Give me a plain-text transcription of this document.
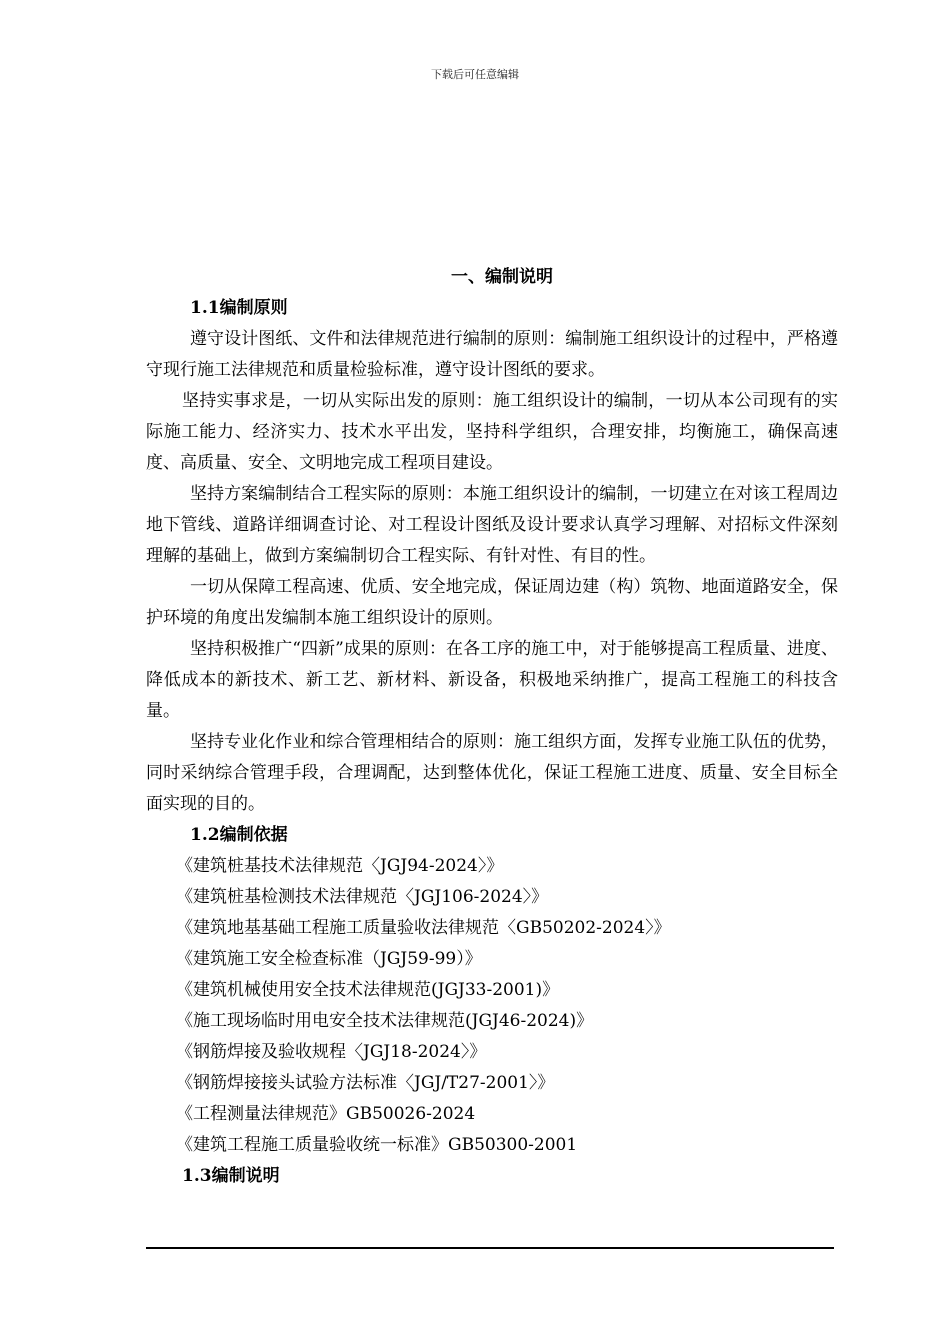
下载后可任意编辑
一、编制说明
1.1编制原则

遵守设计图纸、文件和法律规范进行编制的原则：编制施工组织设计的过程中，严格遵守现行施工法律规范和质量检验标准，遵守设计图纸的要求。

坚持实事求是，一切从实际出发的原则：施工组织设计的编制，一切从本公司现有的实际施工能力、经济实力、技术水平出发，坚持科学组织，合理安排，均衡施工，确保高速度、高质量、安全、文明地完成工程项目建设。

坚持方案编制结合工程实际的原则：本施工组织设计的编制，一切建立在对该工程周边地下管线、道路详细调查讨论、对工程设计图纸及设计要求认真学习理解、对招标文件深刻理解的基础上，做到方案编制切合工程实际、有针对性、有目的性。

一切从保障工程高速、优质、安全地完成，保证周边建（构）筑物、地面道路安全，保护环境的角度出发编制本施工组织设计的原则。

坚持积极推广“四新”成果的原则：在各工序的施工中，对于能够提高工程质量、进度、降低成本的新技术、新工艺、新材料、新设备，积极地采纳推广，提高工程施工的科技含量。

坚持专业化作业和综合管理相结合的原则：施工组织方面，发挥专业施工队伍的优势，同时采纳综合管理手段，合理调配，达到整体优化，保证工程施工进度、质量、安全目标全面实现的目的。

1.2编制依据
《建筑桩基技术法律规范〈JGJ94-2024〉》
《建筑桩基检测技术法律规范〈JGJ106-2024〉》
《建筑地基基础工程施工质量验收法律规范〈GB50202-2024〉》
《建筑施工安全检查标准（JGJ59-99）》
《建筑机械使用安全技术法律规范(JGJ33-2001)》
《施工现场临时用电安全技术法律规范(JGJ46-2024)》
《钢筋焊接及验收规程〈JGJ18-2024〉》
《钢筋焊接接头试验方法标准〈JGJ/T27-2001〉》
《工程测量法律规范》GB50026-2024
《建筑工程施工质量验收统一标准》GB50300-2001
1.3编制说明
